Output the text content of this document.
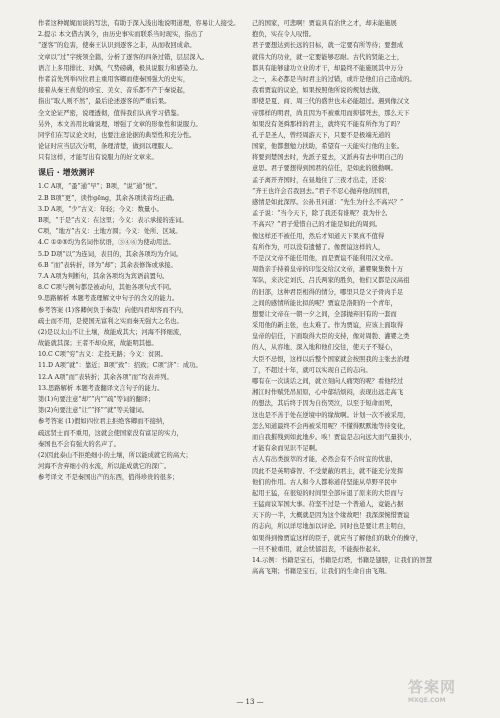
作者这种娓娓而谈的写法，有助于深入浅出地说明道理，容易让人接受。
2.提示 本文借古讽今，由历史事实而联系当时现实，指出了
“逐客”的危害，使秦王认识到逐客之非，从而收回成命。
文章以“过”字统领全篇，分析了逐客的四条过错，层层深入。
语言上多用排比、对偶，气势磅礴，极具说服力和感染力。
作者首先列举四位君主重用客卿而使秦国强大的史实，
接着从秦王喜爱的珍宝、美女、音乐都不产于秦说起，
指出“取人则不然”，最后论述逐客的严重后果。
全文论证严密，说理透彻，值得我们认真学习借鉴。
另外，本文善用比喻说理，增强了文章的形象性和说服力。
同学们在写议论文时，也要注意论据的典型性和充分性。
论证时应当层次分明，条理清楚，做到以理服人。
只有这样，才能写出有说服力的好文章来。
课后 · 增效测评
1.C A项，“蚤”通“早”；B项，“说”通“悦”。
2.B B项“更”，读作gēng，其余各项读音均正确。
3.D A项，“少”古义：年轻；今义：数量小。
B项，“于是”古义：在这里；今义：表示承接的连词。
C项，“地方”古义：土地方圆；今义：处所、区域。
4.C ①②⑤均为名词作状语，③④⑥为使动用法。
5.D D项“以”为连词，表目的，其余各项均为介词。
6.B “而”表转折，译为“却”；其余表修饰或承接。
7.A A项为判断句，其余各项均为宾语前置句。
8.C C项与例句都是被动句，其他各项句式不同。
9.思路解析 本题考查理解文中句子的含义的能力。
参考答案 (1)客卿何负于秦哉！向使四君却客而不内，
疏士而不用，是使国无富利之实而秦无强大之名也。
(2)是以太山不让土壤，故能成其大；河海不择细流，
故能就其深；王者不却众庶，故能明其德。
10.C C项“穷”古义：走投无路；今义：贫困。
11.D A项“就”：靠近；B项“致”：招致；C项“济”：成功。
12.A A项“而”表转折；其余各项“而”均表并列。
13.思路解析 本题考查翻译文言句子的能力。
第(1)句要注意“却”“内”“疏”等词的翻译；
第(2)句要注意“让”“择”“就”等关键词。
参考答案 (1)假如四位君主拒绝客卿而不接纳，
疏远贤士而不重用，这就会使国家没有富足的实力，
秦国也不会有强大的名声了。
(2)因此泰山不拒绝细小的土壤，所以能成就它的高大；
河海不舍弃细小的水流，所以能成就它的深广。
参考译文 不是秦国出产的东西，值得珍贵的很多；
己的国家，可悲啊！贾谊具有治世之才，却未能施展
抱负，实在令人叹惜。
君子要想达到长远的目标，就一定要有所等待；要想成
就伟大的功业，就一定要能够忍耐。古代的贤能之士，
都具有能够建功立业的才干，却最终不能施展其中万分
之一，未必都是当时君主的过错，或许是他们自己造成的。
我看贾谊的议论，如果按照他所说的规划去做，
即使是夏、商、周三代的盛世也未必能超过。遇到像汉文
帝那样的明君，尚且因为不被重用而抑郁死去，那么天下
如果没有尧舜那样的君主，就终究不能有所作为了吗？
孔子是圣人，曾经周游天下，只要不是极端无道的
国家，他都想勉力扶助，希望有一天能实行他的主张。
将要到楚国去时，先派子夏去，又派冉有去申明自己的
意思。君子要想得到国君的信任，是如此的殷勤啊。
孟子离开齐国时，在昼地住了三夜才出走，还说：
“齐王也许会召我回去。”君子不忍心抛弃他的国君，
感情是如此深厚。公孙丑问道：“先生为什么不高兴？”
孟子说：“当今天下，除了我还有谁呢？我为什么
不高兴？”君子爱惜自己的才能是如此的周到。
像这样还不被任用，然后才知道天下果真不值得
有所作为，可以没有遗憾了。像贾谊这样的人，
不是汉文帝不能任用他，而是贾谊不能利用汉文帝。
周勃亲手持着皇帝的印玺交给汉文帝，灌婴聚集数十万
军队，来决定刘氏、吕氏两家的胜负，他们又都是汉高祖
的旧部，这种君臣相得的情分，哪里只是父子骨肉手足
之间的感情所能比拟的呢？贾谊是洛阳的一个青年，
想要让文帝在一朝一夕之间，全部抛弃旧有的一套而
采用他的新主张，也太难了。作为贾谊，应该上面取得
皇帝的信任，下面取得大臣的支持，像对周勃、灌婴之类
的人，从容地、深入地和他们交往，使天子不疑心，
大臣不忌恨，这样以后整个国家就会按照我的主张去治理
了，不超过十年，就可以实现自己的志向。
哪有在一次谈话之间，就立刻向人痛哭的呢？看他经过
湘江时作赋凭吊屈原，心中郁结烦闷，表现出远走高飞
的想法，其后终于因为自伤哭泣，以至于短命而死，
这也是不善于处在逆境中的缘故啊。计划一次不被采用，
怎么知道最终不会再被采用呢？不懂得默默地等待变化，
而自我摧残到如此地步。唉！贾谊是志向远大而气量狭小，
才能有余而见识不足啊。
古人有出类拔萃的才能，必然会有不合时宜的忧患，
因此不是英明睿智、不受蒙蔽的君主，就不能充分发挥
他们的作用。古人和今人都称道苻坚能从草野平民中
起用王猛，在很短的时间里全部斥退了原来的大臣而与
王猛商议军国大事。苻坚不过是一个普通人，竟能占据
天下的一半，大概就是因为这个缘故吧！我深深惋惜贾谊
的志向，所以详尽地加以评论。同时也是要让君主明白，
如果得到像贾谊这样的臣子，就应当了解他们的耿介的操守，
一旦不被重用，就会忧郁沮丧，不能振作起来。
14.示例：书籍是宝石，书籍是灯塔，书籍是翅膀，让我们的智慧
高高飞翔；书籍是宝石，让我们的生命自由飞翔。
— 13 —
答案网
MXQE.COM
